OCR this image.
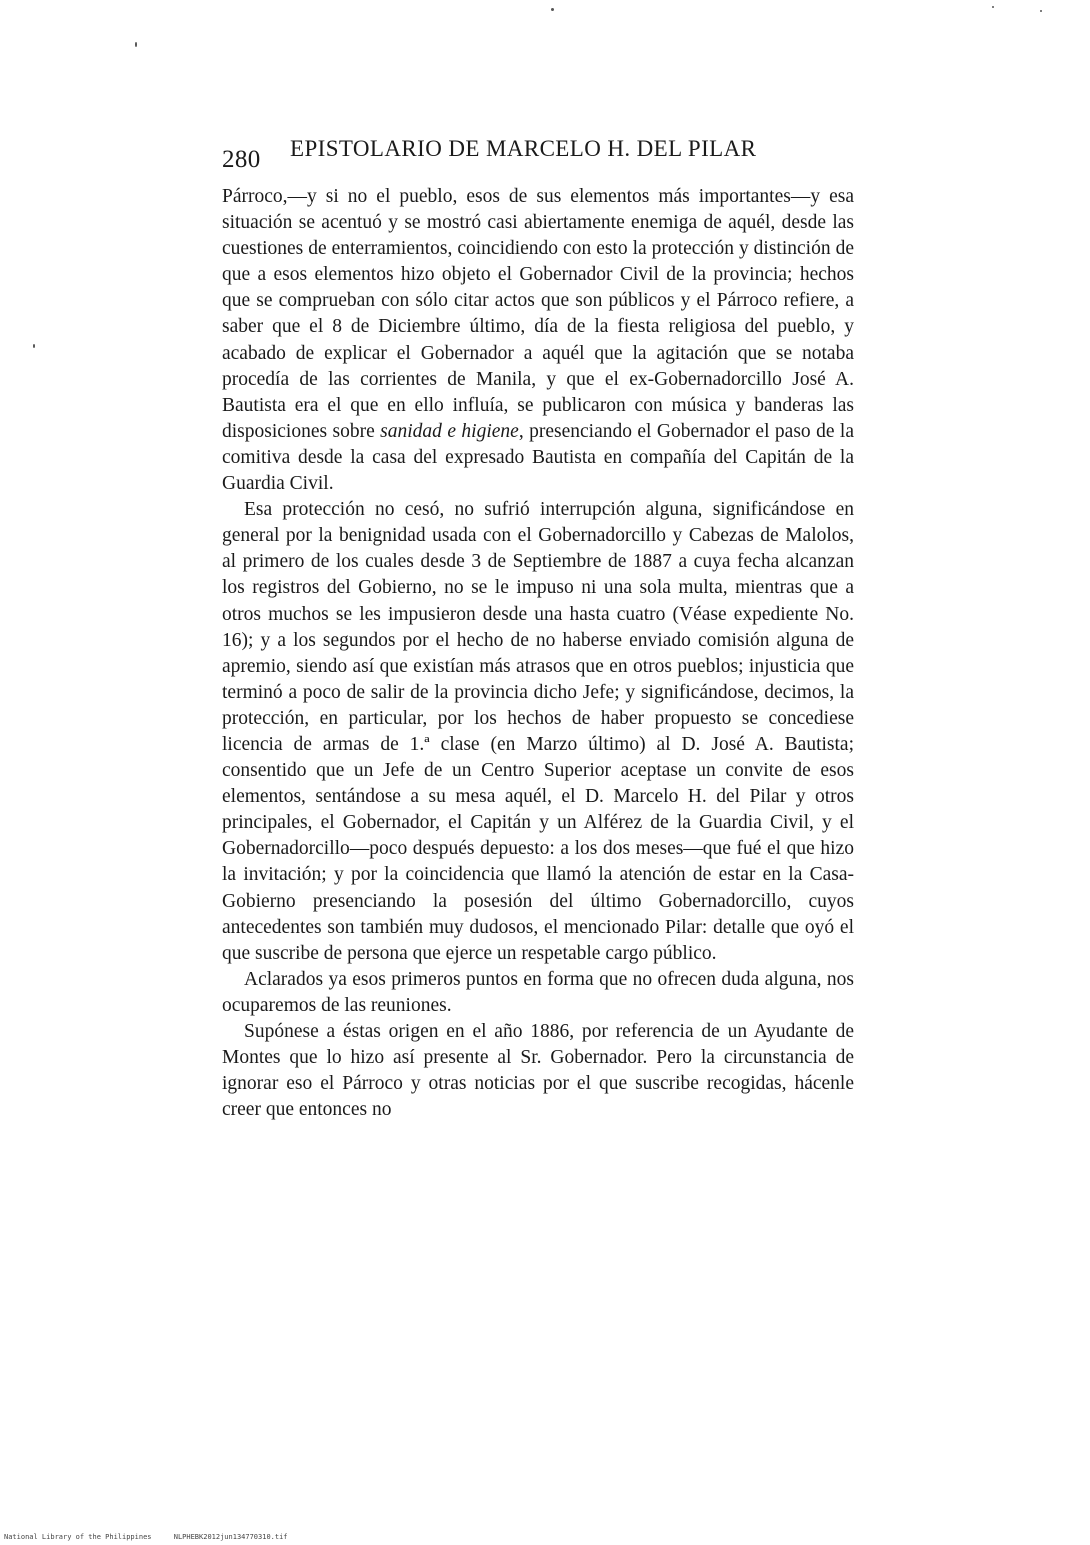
280 EPISTOLARIO DE MARCELO H. DEL PILAR

Párroco,—y si no el pueblo, esos de sus elementos más importantes—y esa situación se acentuó y se mostró casi abiertamente enemiga de aquél, desde las cuestiones de enterramientos, coincidiendo con esto la protección y distinción de que a esos elementos hizo objeto el Gobernador Civil de la provincia; hechos que se comprueban con sólo citar actos que son públicos y el Párroco refiere, a saber que el 8 de Diciembre último, día de la fiesta religiosa del pueblo, y acabado de explicar el Gobernador a aquél que la agitación que se notaba procedía de las corrientes de Manila, y que el ex-Gobernadorcillo José A. Bautista era el que en ello influía, se publicaron con música y banderas las disposiciones sobre sanidad e higiene, presenciando el Gobernador el paso de la comitiva desde la casa del expresado Bautista en compañía del Capitán de la Guardia Civil.

Esa protección no cesó, no sufrió interrupción alguna, significándose en general por la benignidad usada con el Gobernadorcillo y Cabezas de Malolos, al primero de los cuales desde 3 de Septiembre de 1887 a cuya fecha alcanzan los registros del Gobierno, no se le impuso ni una sola multa, mientras que a otros muchos se les impusieron desde una hasta cuatro (Véase expediente No. 16); y a los segundos por el hecho de no haberse enviado comisión alguna de apremio, siendo así que existían más atrasos que en otros pueblos; injusticia que terminó a poco de salir de la provincia dicho Jefe; y significándose, decimos, la protección, en particular, por los hechos de haber propuesto se concediese licencia de armas de 1.ª clase (en Marzo último) al D. José A. Bautista; consentido que un Jefe de un Centro Superior aceptase un convite de esos elementos, sentándose a su mesa aquél, el D. Marcelo H. del Pilar y otros principales, el Gobernador, el Capitán y un Alférez de la Guardia Civil, y el Gobernadorcillo—poco después depuesto: a los dos meses—que fué el que hizo la invitación; y por la coincidencia que llamó la atención de estar en la Casa-Gobierno presenciando la posesión del último Gobernadorcillo, cuyos antecedentes son también muy dudosos, el mencionado Pilar: detalle que oyó el que suscribe de persona que ejerce un respetable cargo público.

Aclarados ya esos primeros puntos en forma que no ofrecen duda alguna, nos ocuparemos de las reuniones.

Supónese a éstas origen en el año 1886, por referencia de un Ayudante de Montes que lo hizo así presente al Sr. Gobernador. Pero la circunstancia de ignorar eso el Párroco y otras noticias por el que suscribe recogidas, hácenle creer que entonces no

National Library of the Philippines	NLPHEBK2012jun134770310.tif
